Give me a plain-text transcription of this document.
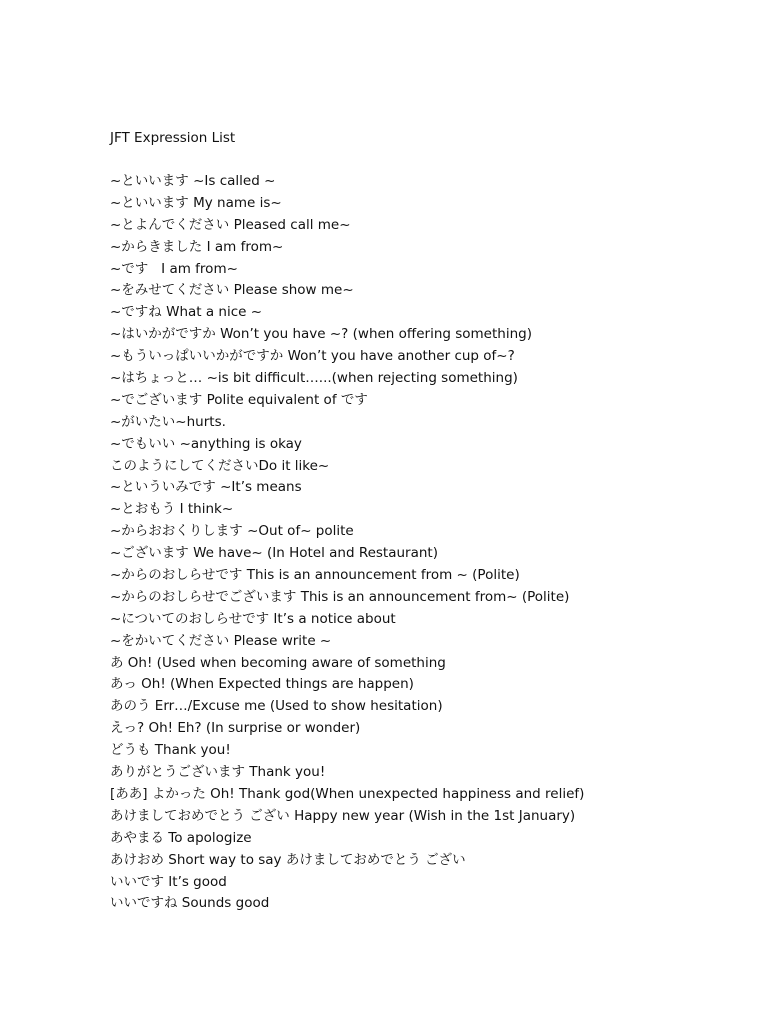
JFT Expression List
~といいます ~Is called ~
~といいます My name is~
~とよんでください Pleased call me~
~からきました I am from~
~です   I am from~
~をみせてください Please show me~
~ですね What a nice ~
~はいかがですか Won’t you have ~? (when offering something)
~もういっぱいいかがですか Won’t you have another cup of~?
~はちょっと… ~is bit difficult…...(when rejecting something)
~でございます Polite equivalent of です
~がいたい~hurts.
~でもいい ~anything is okay
このようにしてくださいDo it like~
~といういみです ~It’s means
~とおもう I think~
~からおおくりします ~Out of~ polite
~ございます We have~ (In Hotel and Restaurant)
~からのおしらせです This is an announcement from ~ (Polite)
~からのおしらせでございます This is an announcement from~ (Polite)
~についてのおしらせです It’s a notice about
~をかいてください Please write ~
あ Oh! (Used when becoming aware of something
あっ Oh! (When Expected things are happen)
あのう Err…/Excuse me (Used to show hesitation)
えっ? Oh! Eh? (In surprise or wonder)
どうも Thank you!
ありがとうございます Thank you!
[ああ] よかった Oh! Thank god(When unexpected happiness and relief)
あけましておめでとう ござい Happy new year (Wish in the 1st January)
あやまる To apologize
あけおめ Short way to say あけましておめでとう ござい
いいです It’s good
いいですね Sounds good
